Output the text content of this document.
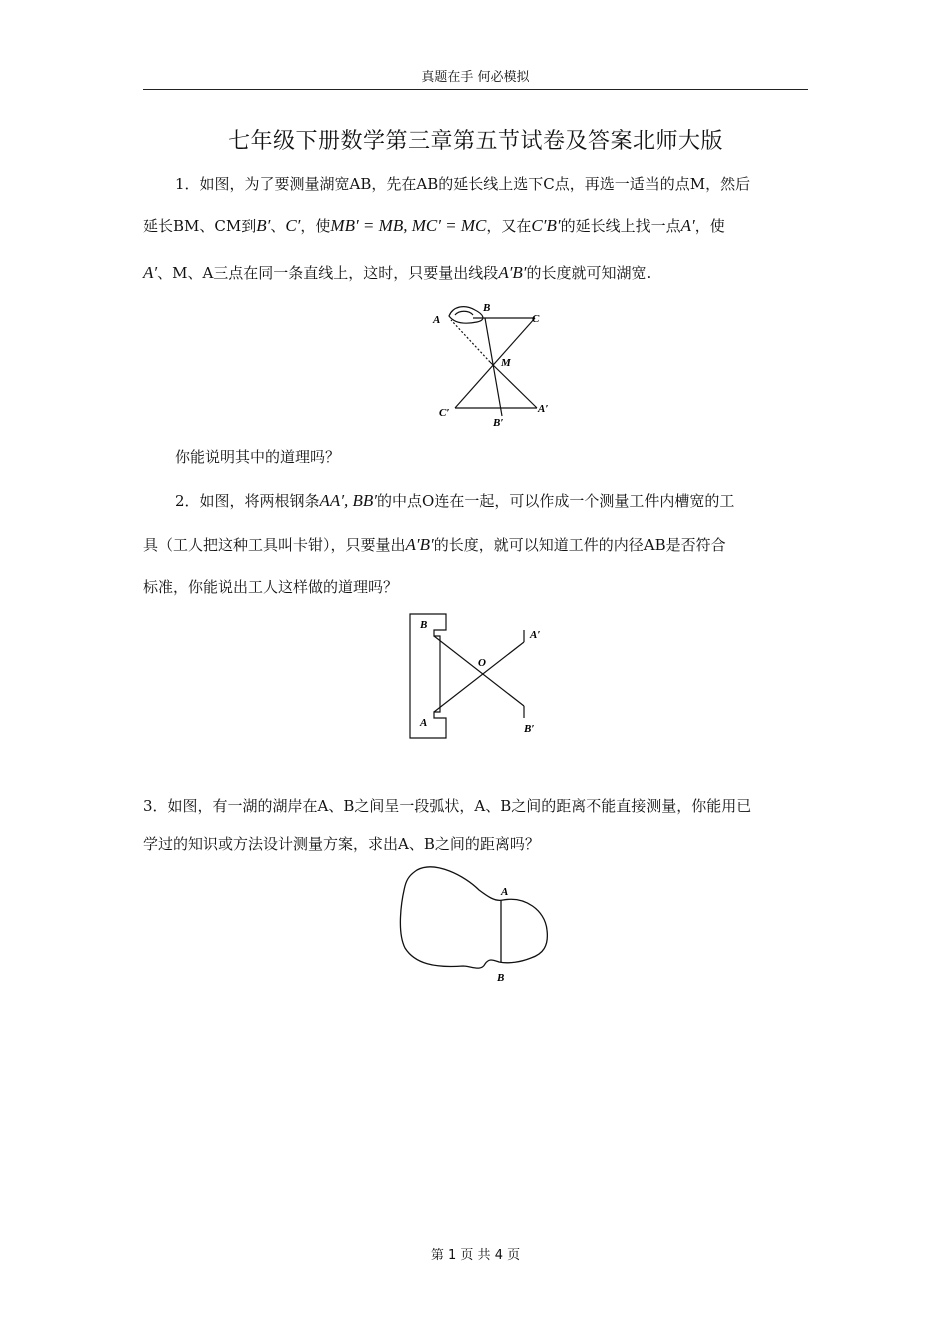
真题在手 何必模拟
七年级下册数学第三章第五节试卷及答案北师大版
1．如图，为了要测量湖宽AB，先在AB的延长线上选下C点，再选一适当的点M，然后
延长BM、CM到B′、C′，使MB′ = MB, MC′ = MC，又在C′B′的延长线上找一点A′，使
A′、M、A三点在同一条直线上，这时，只要量出线段A′B′的长度就可知湖宽.
A
B
C
M
C′
B′
A′
你能说明其中的道理吗？
2．如图，将两根钢条AA′, BB′的中点O连在一起，可以作成一个测量工件内槽宽的工
具（工人把这种工具叫卡钳），只要量出A′B′的长度，就可以知道工件的内径AB是否符合
标准，你能说出工人这样做的道理吗？
B
A
O
A′
B′
3．如图，有一湖的湖岸在A、B之间呈一段弧状，A、B之间的距离不能直接测量，你能用已
学过的知识或方法设计测量方案，求出A、B之间的距离吗？
A
B
第 1 页 共 4 页
